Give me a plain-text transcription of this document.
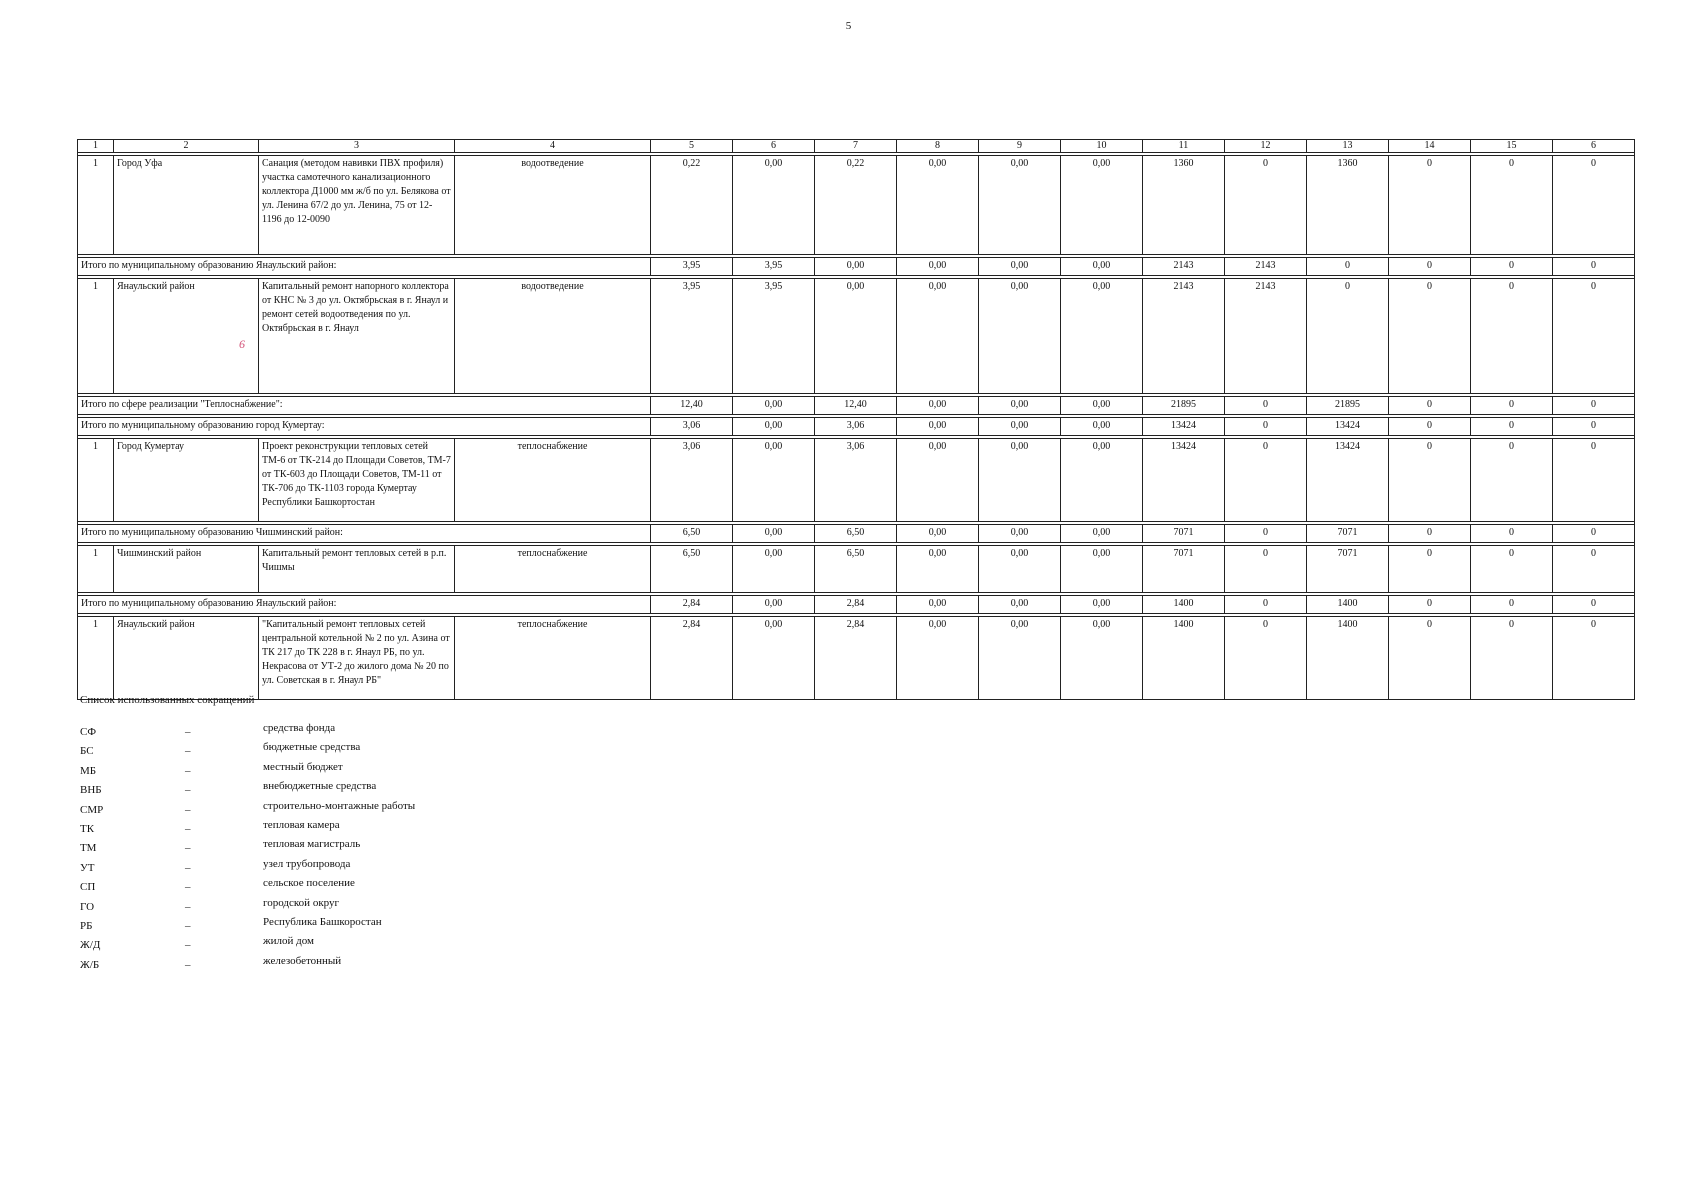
5
1	2	3	4	5	6	7	8	9	10	11	12	13	14	15	6

1	Город Уфа	Санация (методом навивки ПВХ профиля) участка самотечного канализационного коллектора Д1000 мм ж/б по ул. Белякова от ул. Ленина 67/2 до ул. Ленина, 75 от 12-1196 до 12-0090	водоотведение	0,22	0,00	0,22	0,00	0,00	0,00	1360	0	1360	0	0	0

Итого по муниципальному образованию Янаульский район:				3,95	3,95	0,00	0,00	0,00	0,00	2143	2143	0	0	0	0

1	Янаульский район	Капитальный ремонт напорного коллектора от КНС № 3 до ул. Октябрьская в г. Янаул и ремонт сетей водоотведения по ул. Октябрьская в г. Янаул	водоотведение	3,95	3,95	0,00	0,00	0,00	0,00	2143	2143	0	0	0	0

Итого по сфере реализации "Теплоснабжение":				12,40	0,00	12,40	0,00	0,00	0,00	21895	0	21895	0	0	0

Итого по муниципальному образованию город Кумертау:				3,06	0,00	3,06	0,00	0,00	0,00	13424	0	13424	0	0	0

1	Город Кумертау	Проект реконструкции тепловых сетей ТМ-6 от ТК-214 до Площади Советов, ТМ-7 от ТК-603 до Площади Советов, ТМ-11 от ТК-706 до ТК-1103 города Кумертау Республики Башкортостан	теплоснабжение	3,06	0,00	3,06	0,00	0,00	0,00	13424	0	13424	0	0	0

Итого по муниципальному образованию Чишминский район:				6,50	0,00	6,50	0,00	0,00	0,00	7071	0	7071	0	0	0

1	Чишминский район	Капитальный ремонт тепловых сетей в р.п. Чишмы	теплоснабжение	6,50	0,00	6,50	0,00	0,00	0,00	7071	0	7071	0	0	0

Итого по муниципальному образованию Янаульский район:				2,84	0,00	2,84	0,00	0,00	0,00	1400	0	1400	0	0	0

1	Янаульский район	"Капитальный ремонт тепловых сетей центральной котельной № 2 по ул. Азина от ТК 217 до ТК 228 в г. Янаул РБ, по ул. Некрасова от УТ-2 до жилого дома № 20 по ул. Советская в г. Янаул РБ"	теплоснабжение	2,84	0,00	2,84	0,00	0,00	0,00	1400	0	1400	0	0	0
6
Список использованных сокращений
СФ	–	средства фонда
БС	–	бюджетные средства
МБ	–	местный бюджет
ВНБ	–	внебюджетные средства
СМР	–	строительно-монтажные работы
ТК	–	тепловая камера
ТМ	–	тепловая магистраль
УТ	–	узел трубопровода
СП	–	сельское поселение
ГО	–	городской округ
РБ	–	Республика Башкоростан
Ж/Д	–	жилой дом
Ж/Б	–	железобетонный
